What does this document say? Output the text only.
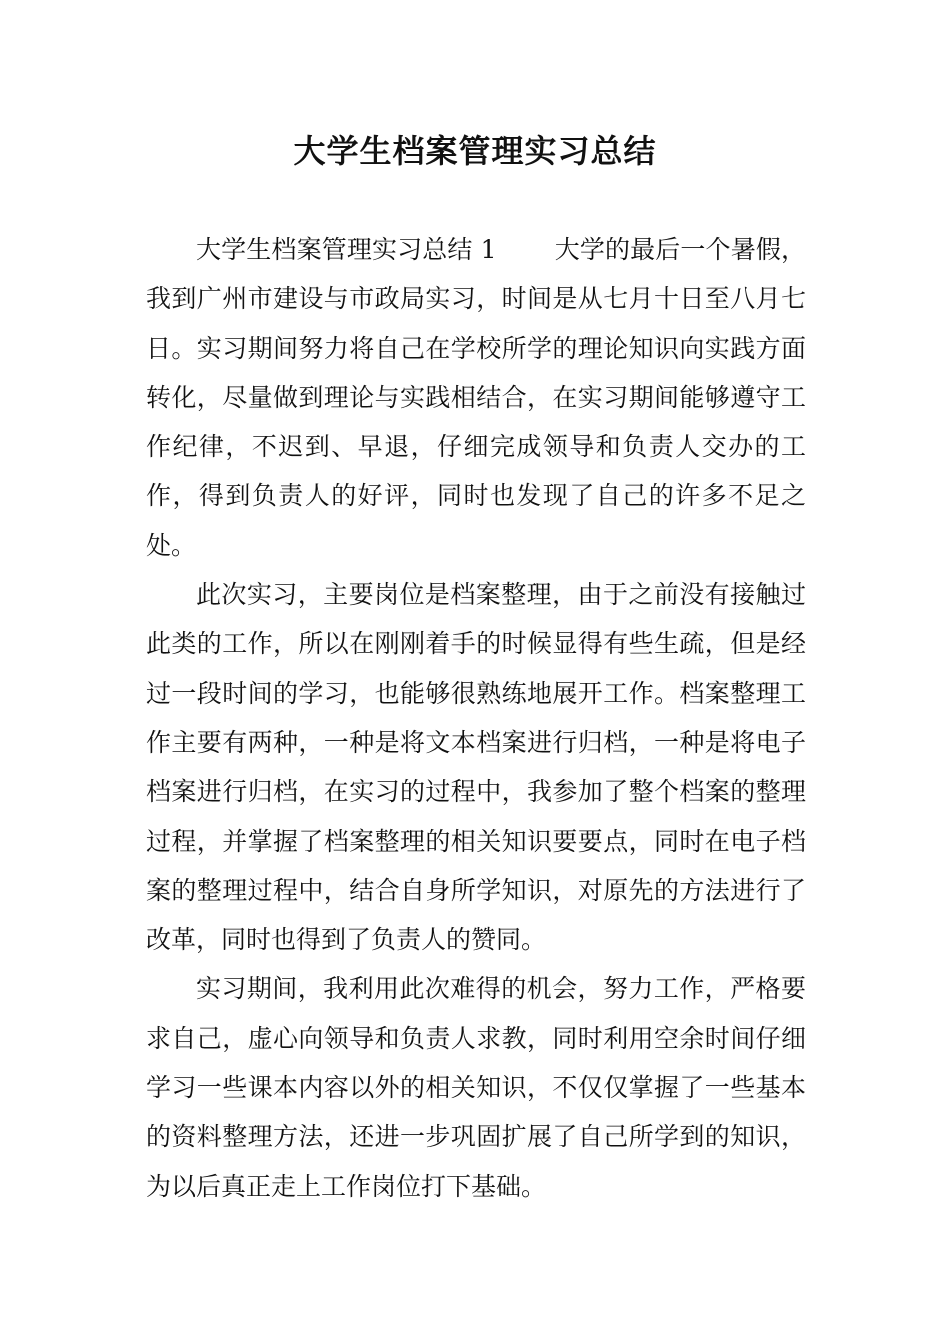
大学生档案管理实习总结

大学生档案管理实习总结 1 大学的最后一个暑假，我到广州市建设与市政局实习，时间是从七月十日至八月七日。实习期间努力将自己在学校所学的理论知识向实践方面转化，尽量做到理论与实践相结合，在实习期间能够遵守工作纪律，不迟到、早退，仔细完成领导和负责人交办的工作，得到负责人的好评，同时也发现了自己的许多不足之处。

此次实习，主要岗位是档案整理，由于之前没有接触过此类的工作，所以在刚刚着手的时候显得有些生疏，但是经过一段时间的学习，也能够很熟练地展开工作。档案整理工作主要有两种，一种是将文本档案进行归档，一种是将电子档案进行归档，在实习的过程中，我参加了整个档案的整理过程，并掌握了档案整理的相关知识要要点，同时在电子档案的整理过程中，结合自身所学知识，对原先的方法进行了改革，同时也得到了负责人的赞同。

实习期间，我利用此次难得的机会，努力工作，严格要求自己，虚心向领导和负责人求教，同时利用空余时间仔细学习一些课本内容以外的相关知识，不仅仅掌握了一些基本的资料整理方法，还进一步巩固扩展了自己所学到的知识，为以后真正走上工作岗位打下基础。
